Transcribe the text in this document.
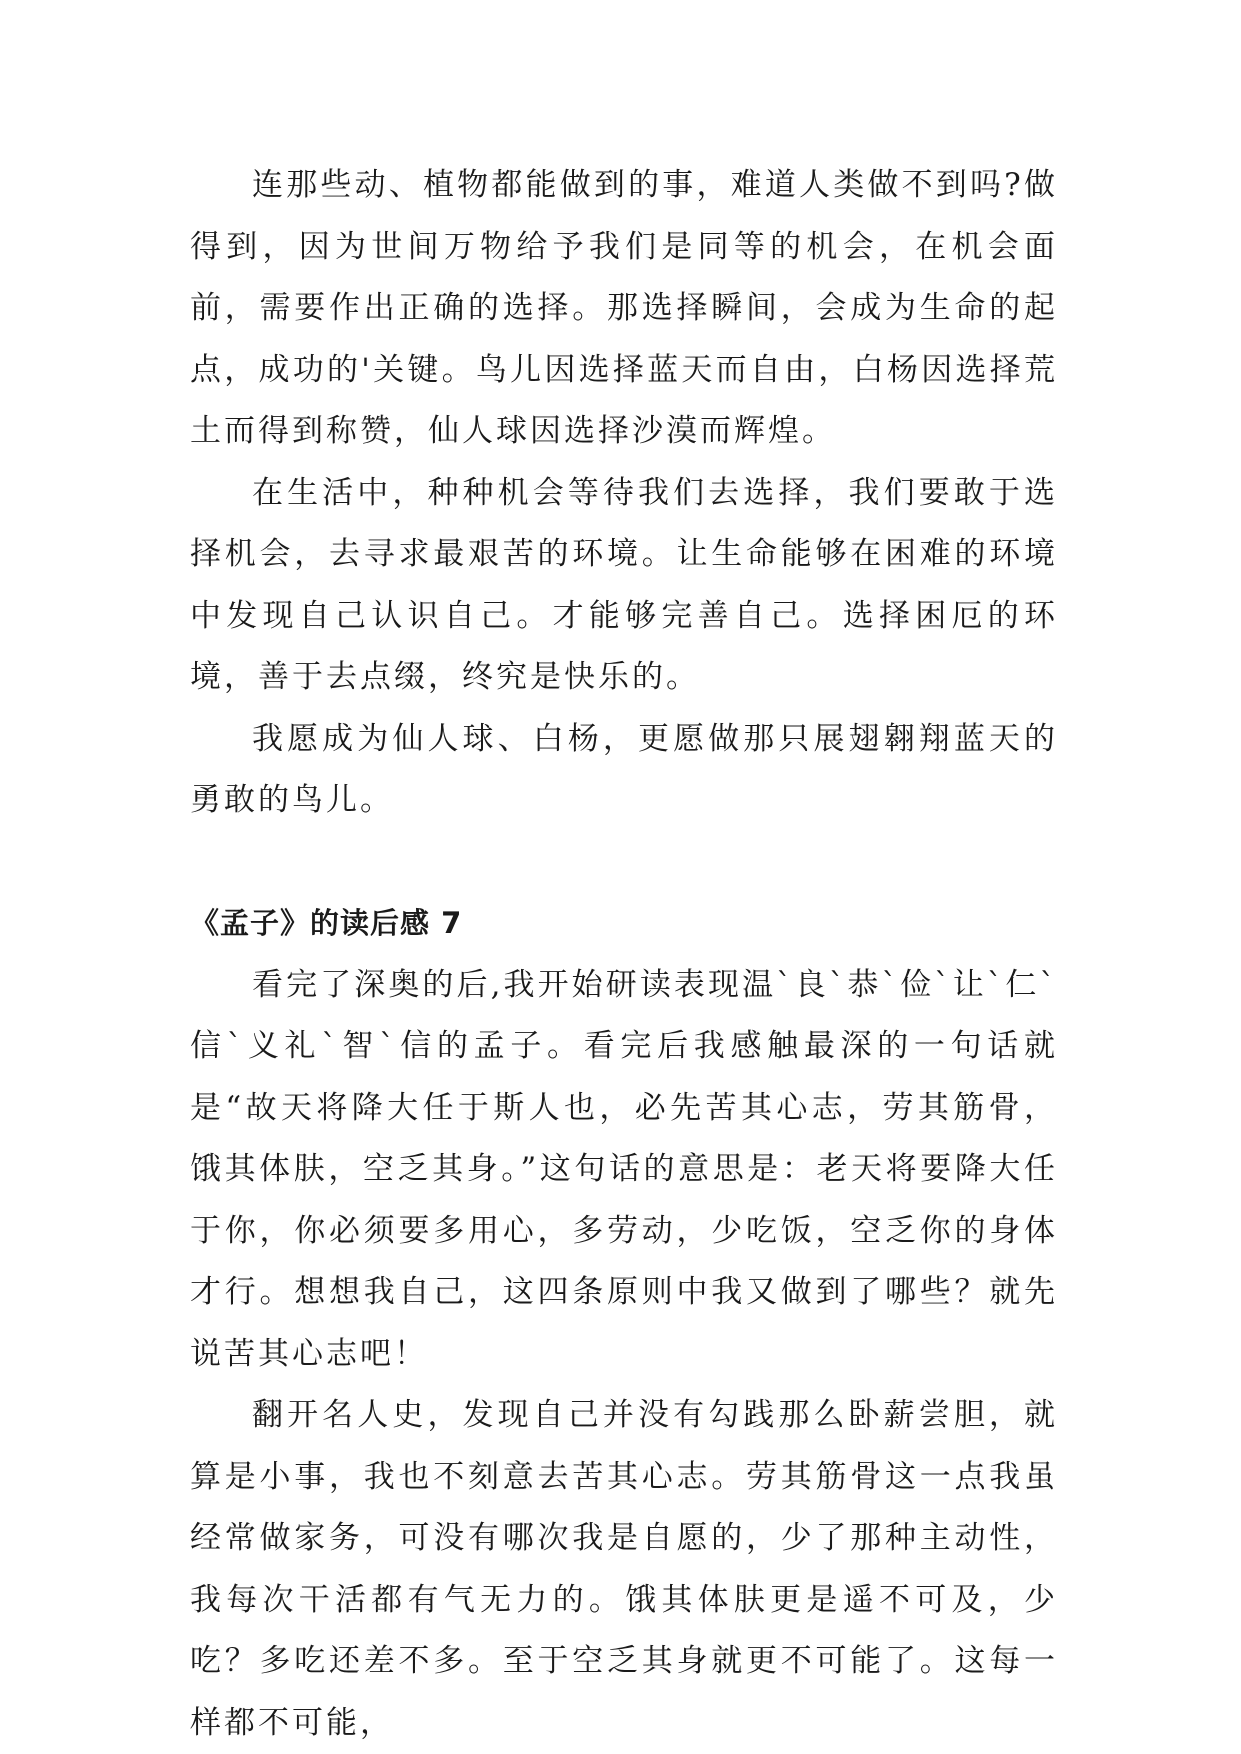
连那些动、植物都能做到的事，难道人类做不到吗?做得到，因为世间万物给予我们是同等的机会，在机会面前，需要作出正确的选择。那选择瞬间，会成为生命的起点，成功的'关键。鸟儿因选择蓝天而自由，白杨因选择荒土而得到称赞，仙人球因选择沙漠而辉煌。

在生活中，种种机会等待我们去选择，我们要敢于选择机会，去寻求最艰苦的环境。让生命能够在困难的环境中发现自己认识自己。才能够完善自己。选择困厄的环境，善于去点缀，终究是快乐的。

我愿成为仙人球、白杨，更愿做那只展翅翱翔蓝天的勇敢的鸟儿。

《孟子》的读后感 7

看完了深奥的后,我开始研读表现温`良`恭`俭`让`仁`信`义礼`智`信的孟子。看完后我感触最深的一句话就是“故天将降大任于斯人也，必先苦其心志，劳其筋骨，饿其体肤，空乏其身。”这句话的意思是：老天将要降大任于你，你必须要多用心，多劳动，少吃饭，空乏你的身体才行。想想我自己，这四条原则中我又做到了哪些？就先说苦其心志吧！

翻开名人史，发现自己并没有勾践那么卧薪尝胆，就算是小事，我也不刻意去苦其心志。劳其筋骨这一点我虽经常做家务，可没有哪次我是自愿的，少了那种主动性，我每次干活都有气无力的。饿其体肤更是遥不可及，少吃？多吃还差不多。至于空乏其身就更不可能了。这每一样都不可能，
